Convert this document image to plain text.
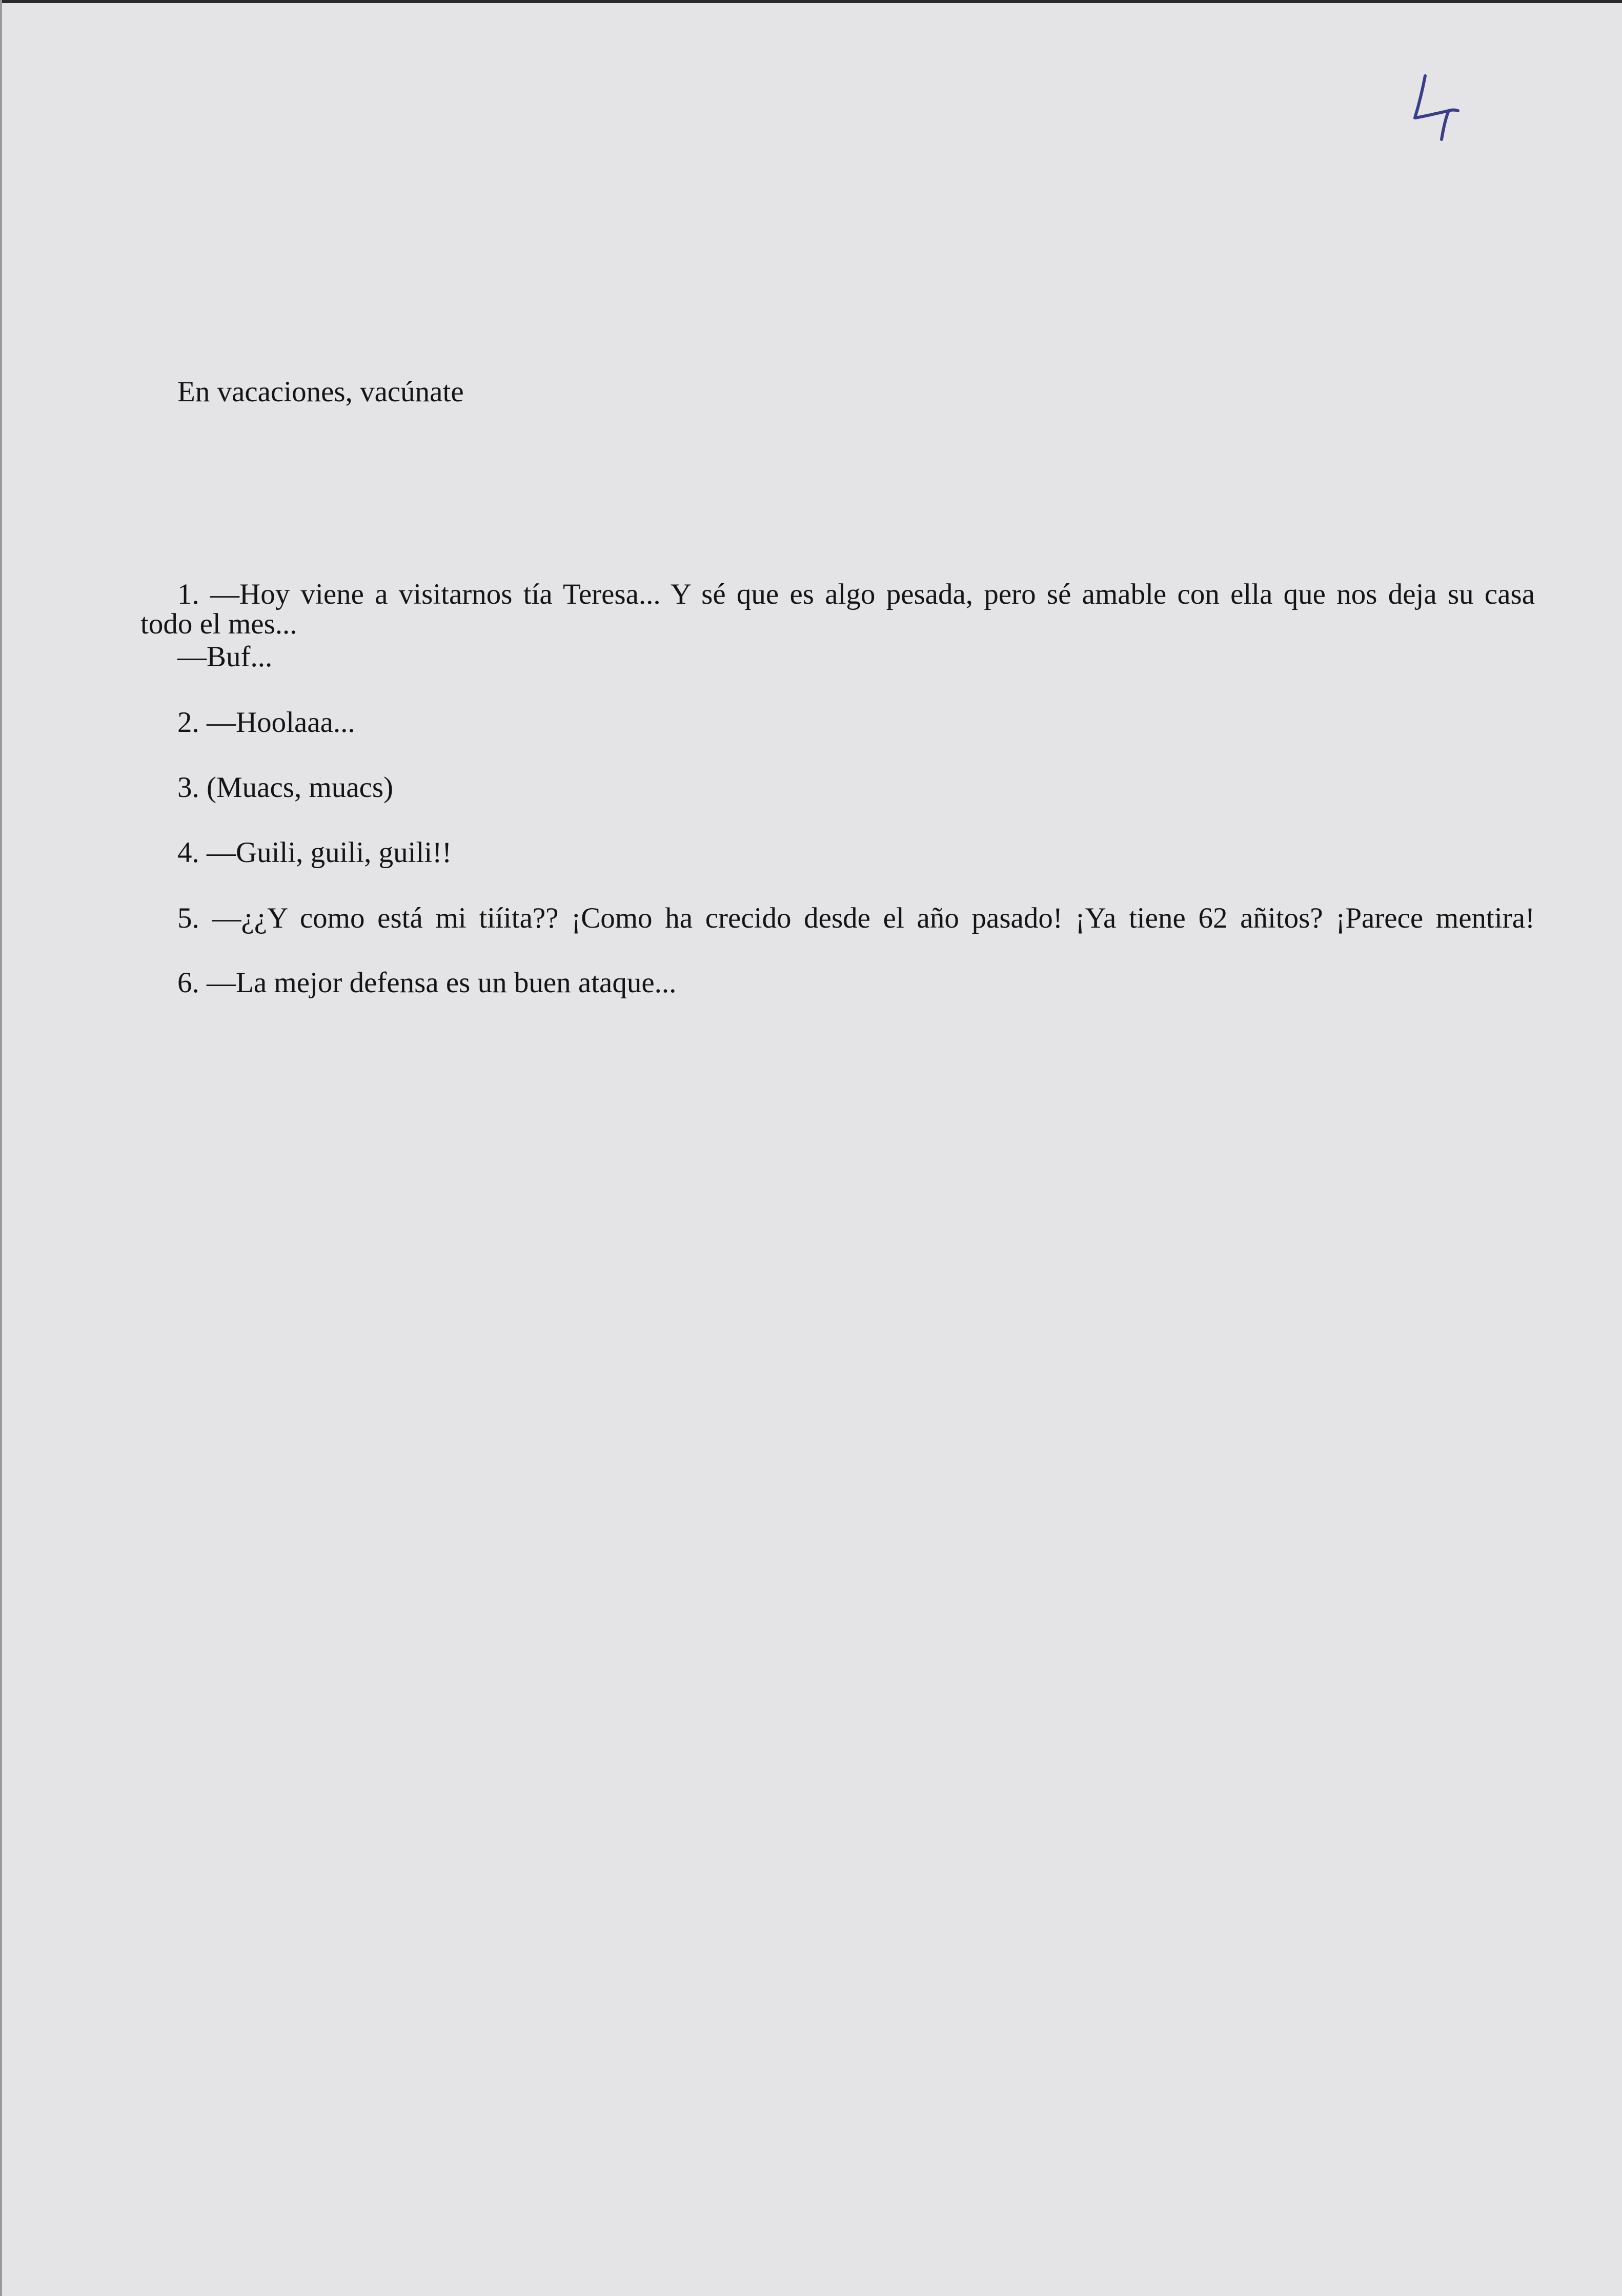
En vacaciones, vacúnate
1. —Hoy viene a visitarnos tía Teresa... Y sé que es algo pesada, pero sé amable con ella que nos deja su casa
todo el mes...
—Buf...
2. —Hoolaaa...
3. (Muacs, muacs)
4. —Guili, guili, guili!!
5. —¿¿Y como está mi tiíita?? ¡Como ha crecido desde el año pasado! ¡Ya tiene 62 añitos? ¡Parece mentira!
6. —La mejor defensa es un buen ataque...
